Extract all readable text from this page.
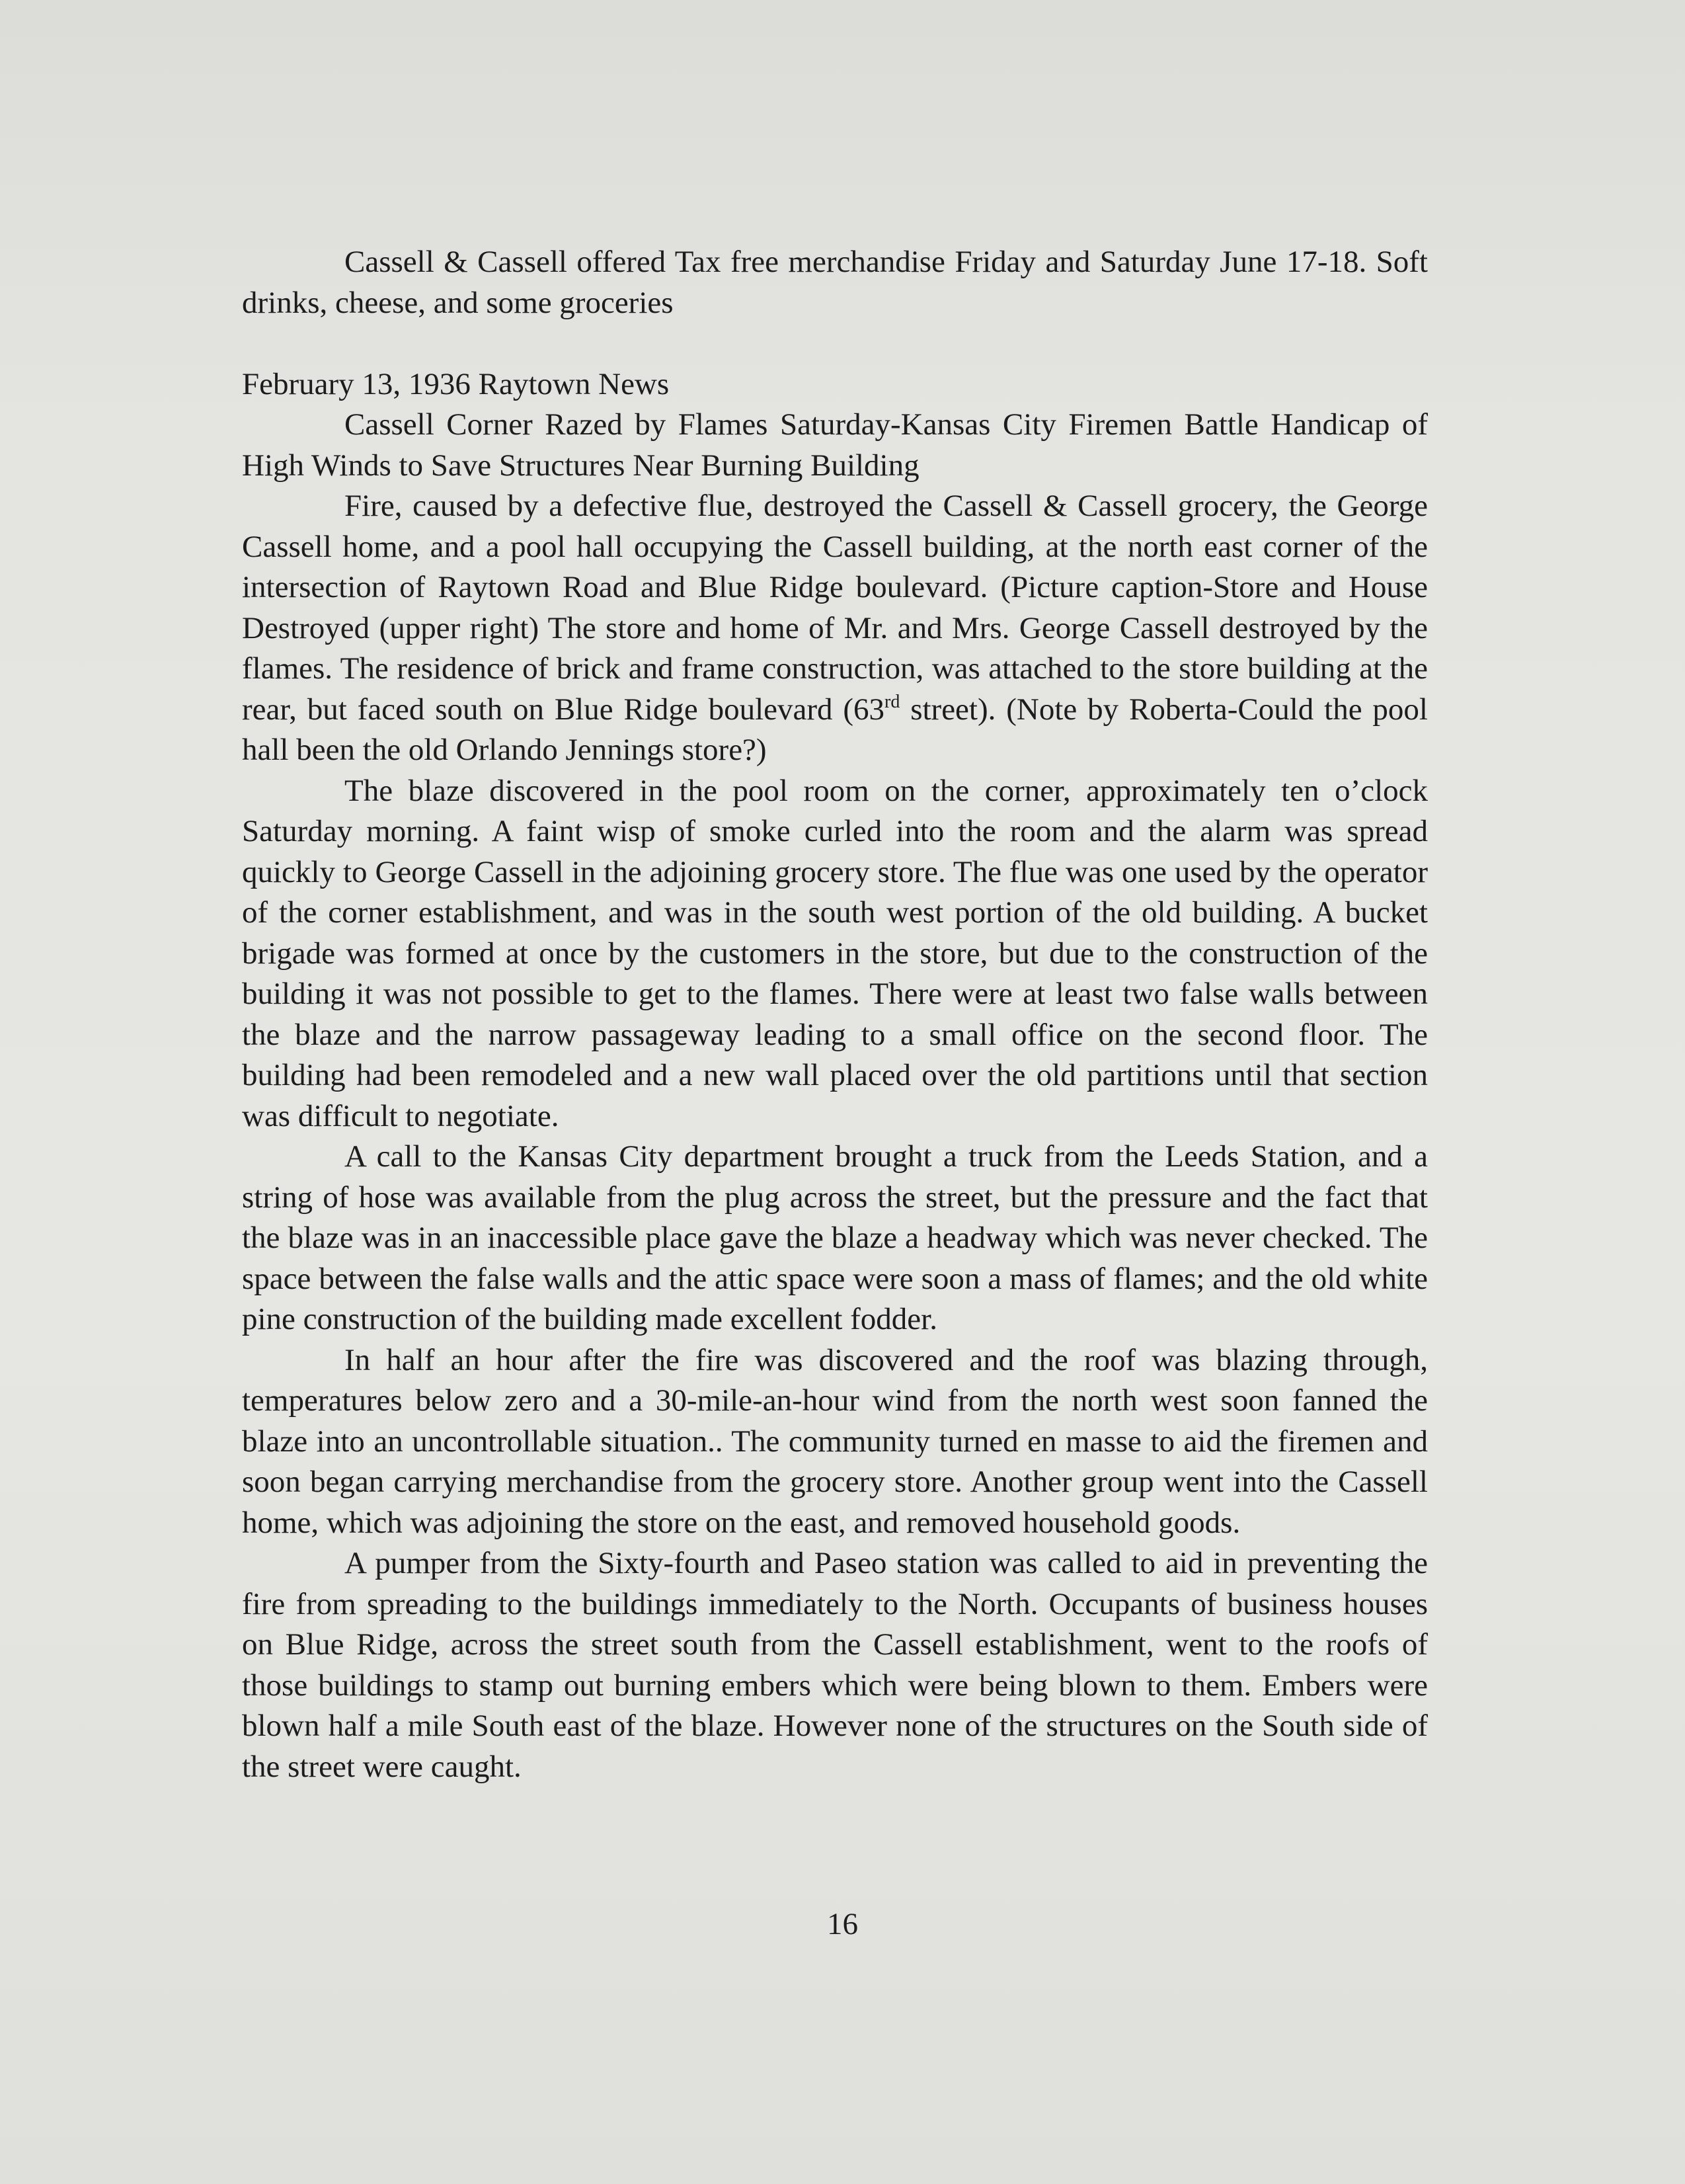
Cassell & Cassell offered Tax free merchandise Friday and Saturday June 17-18. Soft drinks, cheese, and some groceries

February 13, 1936 Raytown News

Cassell Corner Razed by Flames Saturday-Kansas City Firemen Battle Handicap of High Winds to Save Structures Near Burning Building

Fire, caused by a defective flue, destroyed the Cassell & Cassell grocery, the George Cassell home, and a pool hall occupying the Cassell building, at the north east corner of the intersection of Raytown Road and Blue Ridge boulevard. (Picture caption-Store and House Destroyed (upper right) The store and home of Mr. and Mrs. George Cassell destroyed by the flames. The residence of brick and frame construction, was attached to the store building at the rear, but faced south on Blue Ridge boulevard (63rd street). (Note by Roberta-Could the pool hall been the old Orlando Jennings store?)

The blaze discovered in the pool room on the corner, approximately ten o’clock Saturday morning. A faint wisp of smoke curled into the room and the alarm was spread quickly to George Cassell in the adjoining grocery store. The flue was one used by the operator of the corner establishment, and was in the south west portion of the old building. A bucket brigade was formed at once by the customers in the store, but due to the construction of the building it was not possible to get to the flames. There were at least two false walls between the blaze and the narrow passageway leading to a small office on the second floor. The building had been remodeled and a new wall placed over the old partitions until that section was difficult to negotiate.

A call to the Kansas City department brought a truck from the Leeds Station, and a string of hose was available from the plug across the street, but the pressure and the fact that the blaze was in an inaccessible place gave the blaze a headway which was never checked. The space between the false walls and the attic space were soon a mass of flames; and the old white pine construction of the building made excellent fodder.

In half an hour after the fire was discovered and the roof was blazing through, temperatures below zero and a 30-mile-an-hour wind from the north west soon fanned the blaze into an uncontrollable situation.. The community turned en masse to aid the firemen and soon began carrying merchandise from the grocery store. Another group went into the Cassell home, which was adjoining the store on the east, and removed household goods.

A pumper from the Sixty-fourth and Paseo station was called to aid in preventing the fire from spreading to the buildings immediately to the North. Occupants of business houses on Blue Ridge, across the street south from the Cassell establishment, went to the roofs of those buildings to stamp out burning embers which were being blown to them. Embers were blown half a mile South east of the blaze. However none of the structures on the South side of the street were caught.

16
